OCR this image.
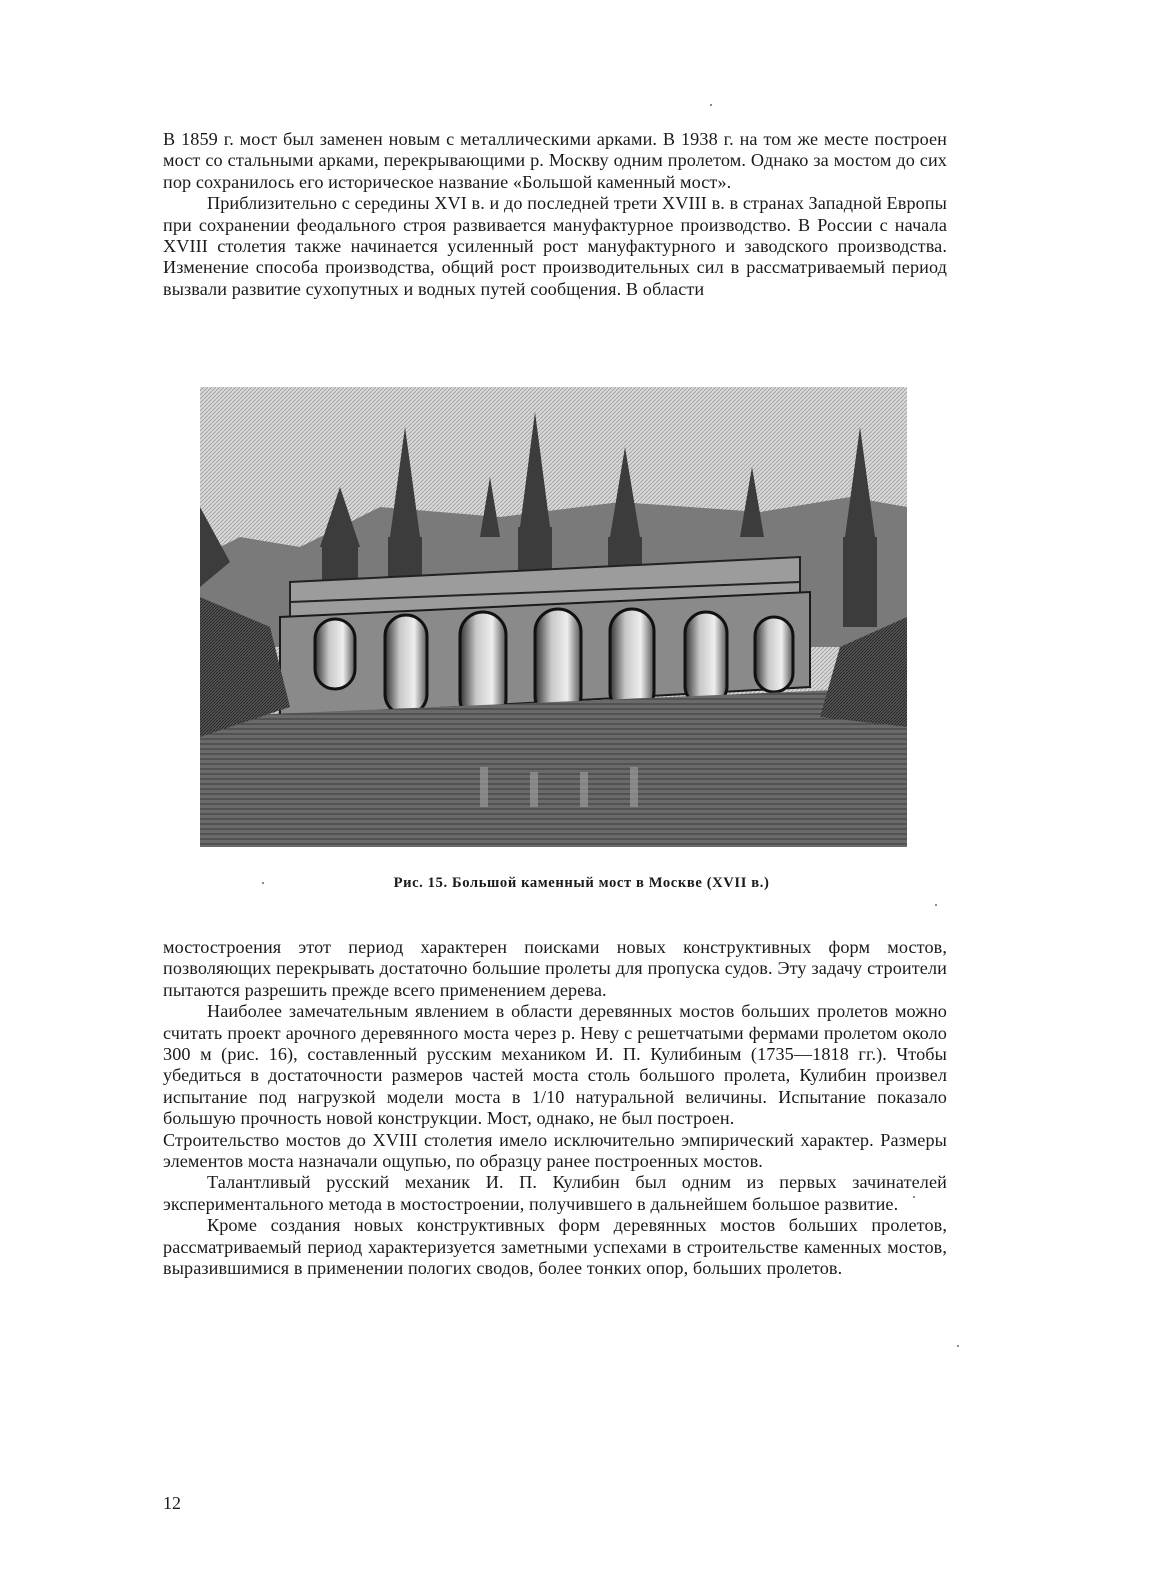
В 1859 г. мост был заменен новым с металлическими арками. В 1938 г. на том же месте построен мост со стальными арками, перекрывающими р. Москву одним пролетом. Однако за мостом до сих пор сохранилось его историческое название «Большой каменный мост».

Приблизительно с середины XVI в. и до последней трети XVIII в. в странах Западной Европы при сохранении феодального строя развивается мануфактурное производство. В России с начала XVIII столетия также начинается усиленный рост мануфактурного и заводского производства. Изменение способа производства, общий рост производительных сил в рассматриваемый период вызвали развитие сухопутных и водных путей сообщения. В области

Рис. 15. Большой каменный мост в Москве (XVII в.)

мостостроения этот период характерен поисками новых конструктивных форм мостов, позволяющих перекрывать достаточно большие пролеты для пропуска судов. Эту задачу строители пытаются разрешить прежде всего применением дерева.

Наиболее замечательным явлением в области деревянных мостов больших пролетов можно считать проект арочного деревянного моста через р. Неву с решетчатыми фермами пролетом около 300 м (рис. 16), составленный русским механиком И. П. Кулибиным (1735—1818 гг.). Чтобы убедиться в достаточности размеров частей моста столь большого пролета, Кулибин произвел испытание под нагрузкой модели моста в 1/10 натуральной величины. Испытание показало большую прочность новой конструкции. Мост, однако, не был построен.

Строительство мостов до XVIII столетия имело исключительно эмпирический характер. Размеры элементов моста назначали ощупью, по образцу ранее построенных мостов.

Талантливый русский механик И. П. Кулибин был одним из первых зачинателей экспериментального метода в мостостроении, получившего в дальнейшем большое развитие.

Кроме создания новых конструктивных форм деревянных мостов больших пролетов, рассматриваемый период характеризуется заметными успехами в строительстве каменных мостов, выразившимися в применении пологих сводов, более тонких опор, больших пролетов.

12
